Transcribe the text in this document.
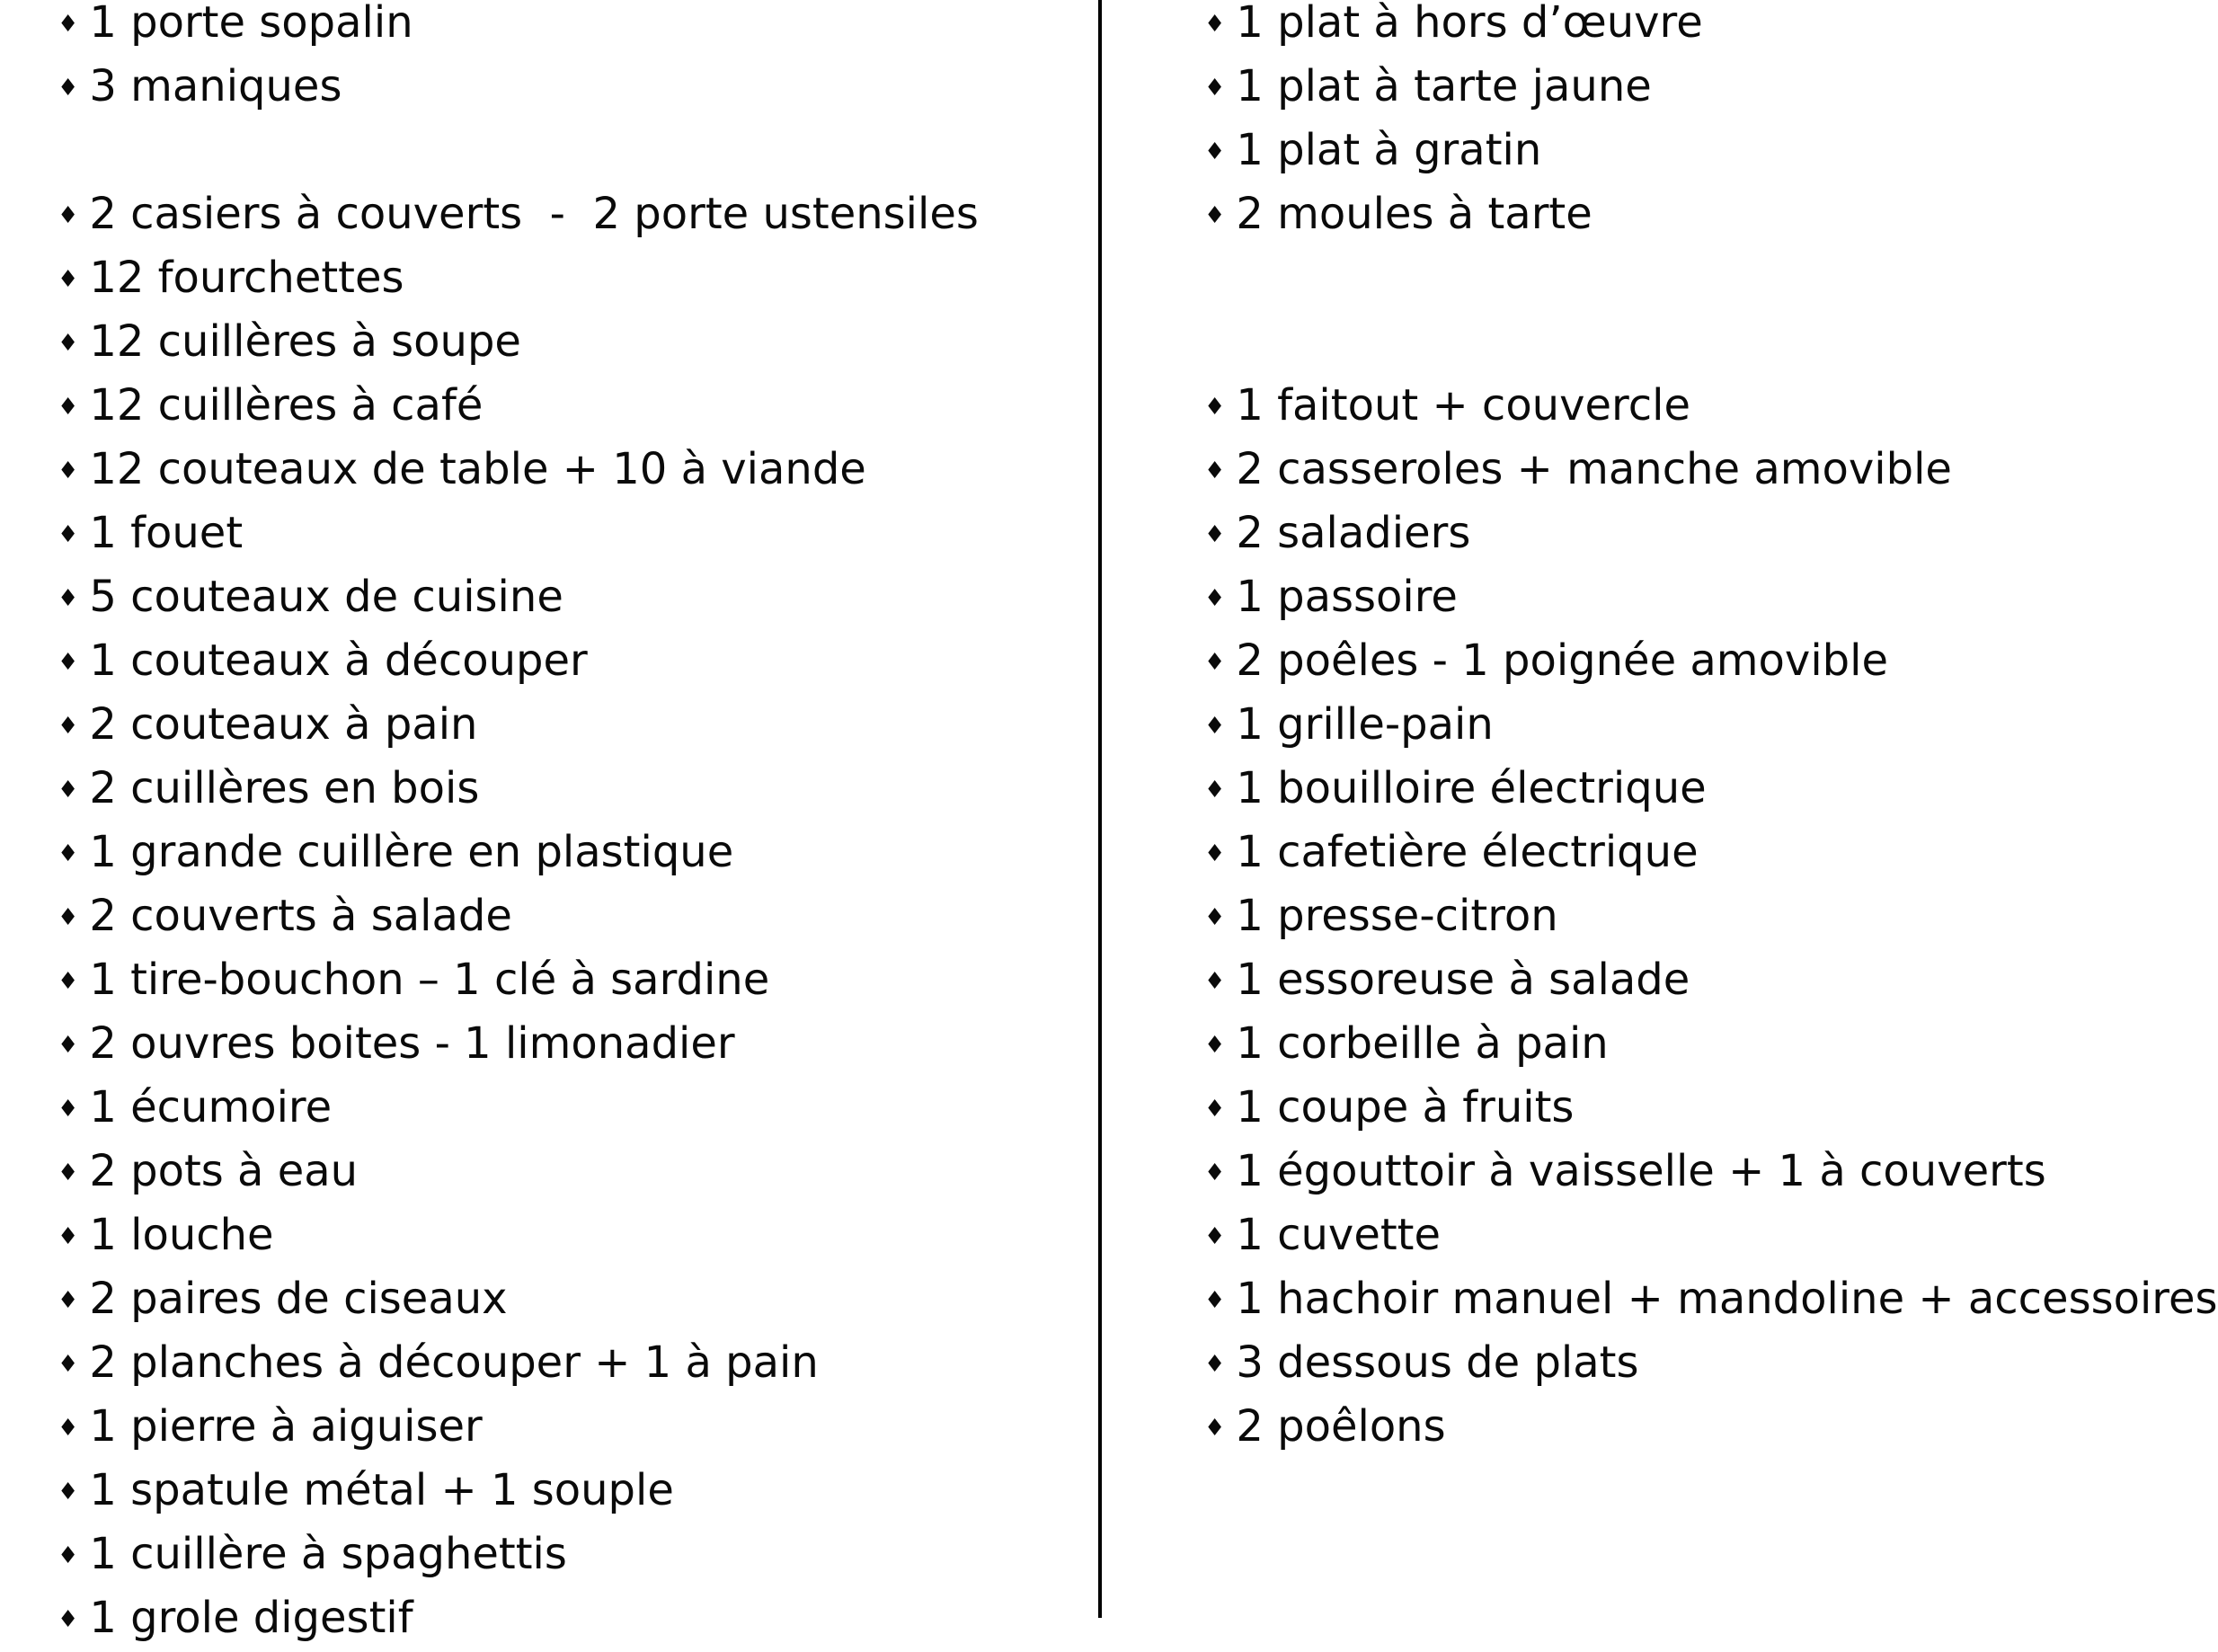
♦ 1 porte sopalin
♦ 3 maniques
♦ 2 casiers à couverts  -  2 porte ustensiles
♦ 12 fourchettes
♦ 12 cuillères à soupe
♦ 12 cuillères à café
♦ 12 couteaux de table + 10 à viande
♦ 1 fouet
♦ 5 couteaux de cuisine
♦ 1 couteaux à découper
♦ 2 couteaux à pain
♦ 2 cuillères en bois
♦ 1 grande cuillère en plastique
♦ 2 couverts à salade
♦ 1 tire-bouchon – 1 clé à sardine
♦ 2 ouvres boites - 1 limonadier
♦ 1 écumoire
♦ 2 pots à eau
♦ 1 louche
♦ 2 paires de ciseaux
♦ 2 planches à découper + 1 à pain
♦ 1 pierre à aiguiser
♦ 1 spatule métal + 1 souple
♦ 1 cuillère à spaghettis
♦ 1 grole digestif
♦ 1 plat à hors d’œuvre
♦ 1 plat à tarte jaune
♦ 1 plat à gratin
♦ 2 moules à tarte
♦ 1 faitout + couvercle
♦ 2 casseroles + manche amovible
♦ 2 saladiers
♦ 1 passoire
♦ 2 poêles - 1 poignée amovible
♦ 1 grille-pain
♦ 1 bouilloire électrique
♦ 1 cafetière électrique
♦ 1 presse-citron
♦ 1 essoreuse à salade
♦ 1 corbeille à pain
♦ 1 coupe à fruits
♦ 1 égouttoir à vaisselle + 1 à couverts
♦ 1 cuvette
♦ 1 hachoir manuel + mandoline + accessoires
♦ 3 dessous de plats
♦ 2 poêlons
